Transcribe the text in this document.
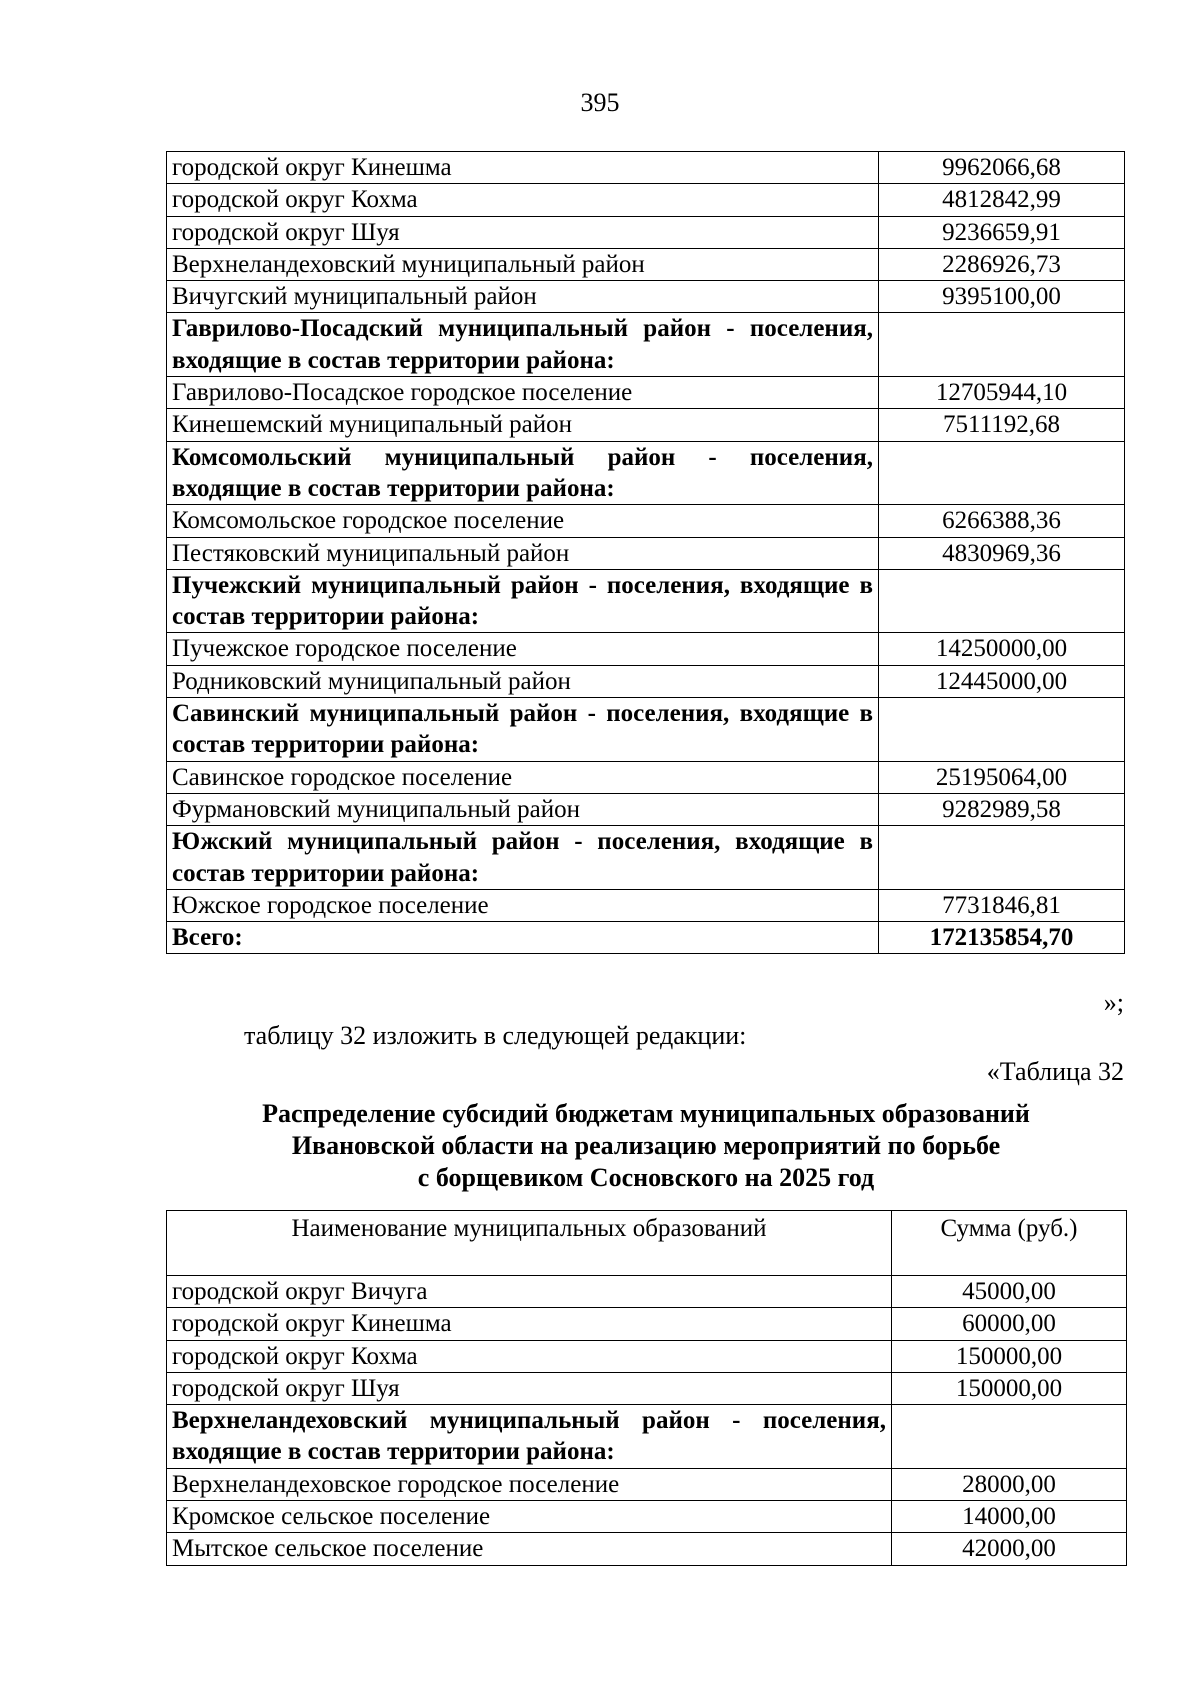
395
городской округ Кинешма	9962066,68
городской округ Кохма	4812842,99
городской округ Шуя	9236659,91
Верхнеландеховский муниципальный район	2286926,73
Вичугский муниципальный район	9395100,00
Гаврилово-Посадский муниципальный район - поселения, входящие в состав территории района:	
Гаврилово-Посадское городское поселение	12705944,10
Кинешемский муниципальный район	7511192,68
Комсомольский муниципальный район - поселения, входящие в состав территории района:	
Комсомольское городское поселение	6266388,36
Пестяковский муниципальный район	4830969,36
Пучежский муниципальный район - поселения, входящие в состав территории района:	
Пучежское городское поселение	14250000,00
Родниковский муниципальный район	12445000,00
Савинский муниципальный район - поселения, входящие в состав территории района:	
Савинское городское поселение	25195064,00
Фурмановский муниципальный район	9282989,58
Южский муниципальный район - поселения, входящие в состав территории района:	
Южское городское поселение	7731846,81
Всего:	172135854,70
»;
таблицу 32 изложить в следующей редакции:
«Таблица 32
Распределение субсидий бюджетам муниципальных образований
Ивановской области на реализацию мероприятий по борьбе
с борщевиком Сосновского на 2025 год
Наименование муниципальных образований	Сумма (руб.)
городской округ Вичуга	45000,00
городской округ Кинешма	60000,00
городской округ Кохма	150000,00
городской округ Шуя	150000,00
Верхнеландеховский муниципальный район - поселения, входящие в состав территории района:	
Верхнеландеховское городское поселение	28000,00
Кромское сельское поселение	14000,00
Мытское сельское поселение	42000,00
